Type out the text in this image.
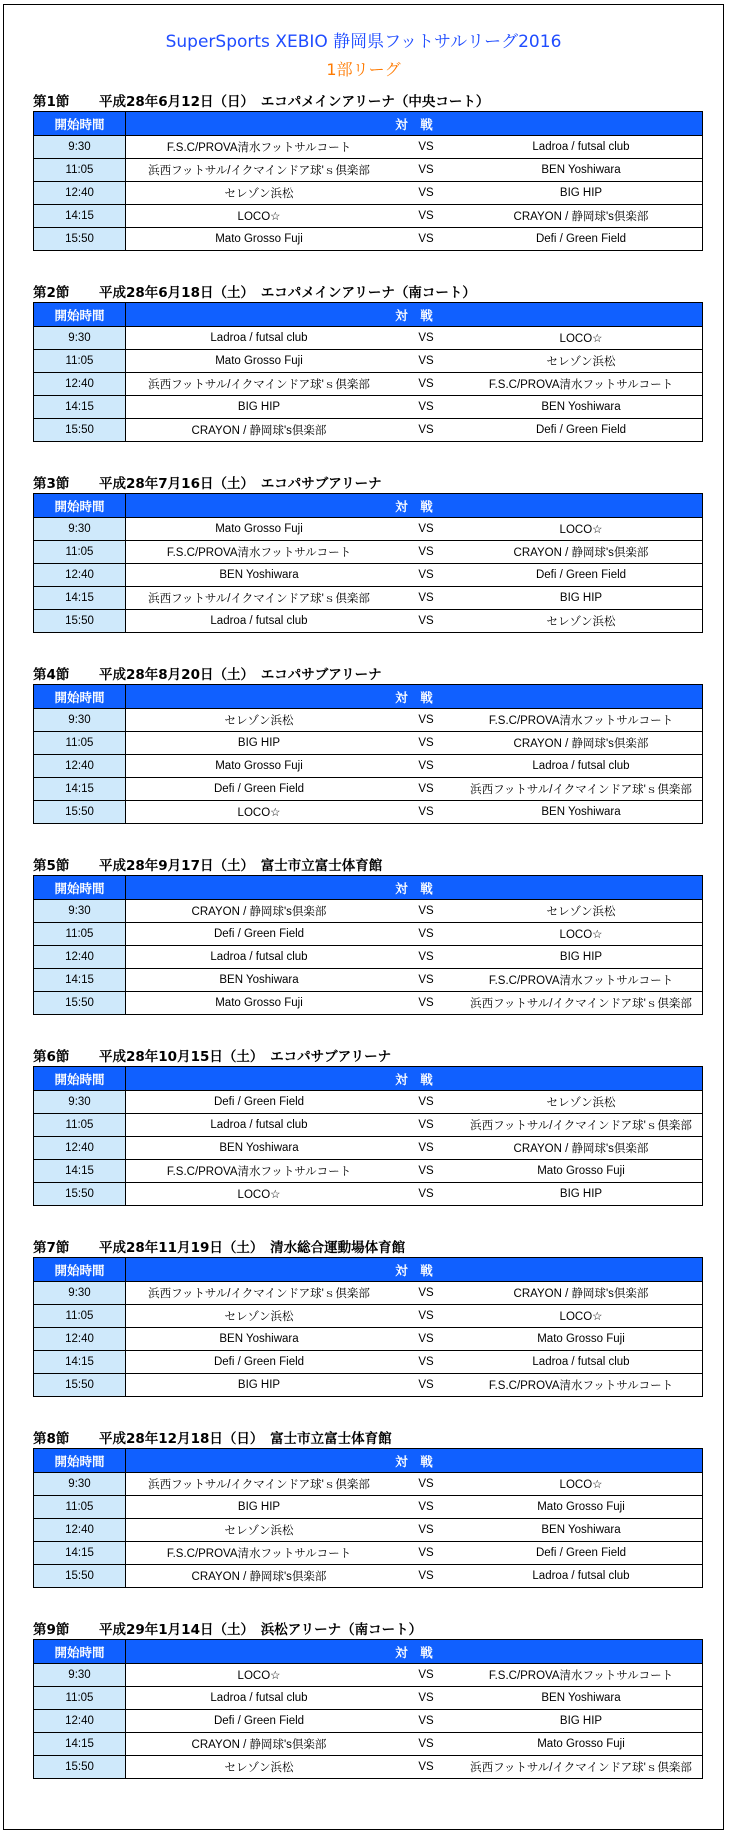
SuperSports XEBIO 静岡県フットサルリーグ2016
1部リーグ
第1節 平成28年6月12日（日）　エコパメインアリーナ（中央コート）
開始時間	対　戦
9:30	F.S.C/PROVA清水フットサルコート VS Ladroa / futsal club

11:05	浜西フットサル/イクマインドア球'ｓ倶楽部 VS BEN Yoshiwara

12:40	セレゾン浜松 VS BIG HIP

14:15	LOCO☆ VS CRAYON / 静岡球's倶楽部

15:50	Mato Grosso Fuji VS Defi / Green Field
第2節 平成28年6月18日（土）　エコパメインアリーナ（南コート）
開始時間	対　戦
9:30	Ladroa / futsal club VS LOCO☆

11:05	Mato Grosso Fuji VS セレゾン浜松

12:40	浜西フットサル/イクマインドア球'ｓ倶楽部 VS F.S.C/PROVA清水フットサルコート

14:15	BIG HIP VS BEN Yoshiwara

15:50	CRAYON / 静岡球's倶楽部 VS Defi / Green Field
第3節 平成28年7月16日（土）　エコパサブアリーナ
開始時間	対　戦
9:30	Mato Grosso Fuji VS LOCO☆

11:05	F.S.C/PROVA清水フットサルコート VS CRAYON / 静岡球's倶楽部

12:40	BEN Yoshiwara VS Defi / Green Field

14:15	浜西フットサル/イクマインドア球'ｓ倶楽部 VS BIG HIP

15:50	Ladroa / futsal club VS セレゾン浜松
第4節 平成28年8月20日（土）　エコパサブアリーナ
開始時間	対　戦
9:30	セレゾン浜松 VS F.S.C/PROVA清水フットサルコート

11:05	BIG HIP VS CRAYON / 静岡球's倶楽部

12:40	Mato Grosso Fuji VS Ladroa / futsal club

14:15	Defi / Green Field VS 浜西フットサル/イクマインドア球'ｓ倶楽部

15:50	LOCO☆ VS BEN Yoshiwara
第5節 平成28年9月17日（土）　富士市立富士体育館
開始時間	対　戦
9:30	CRAYON / 静岡球's倶楽部 VS セレゾン浜松

11:05	Defi / Green Field VS LOCO☆

12:40	Ladroa / futsal club VS BIG HIP

14:15	BEN Yoshiwara VS F.S.C/PROVA清水フットサルコート

15:50	Mato Grosso Fuji VS 浜西フットサル/イクマインドア球'ｓ倶楽部
第6節 平成28年10月15日（土）　エコパサブアリーナ
開始時間	対　戦
9:30	Defi / Green Field VS セレゾン浜松

11:05	Ladroa / futsal club VS 浜西フットサル/イクマインドア球'ｓ倶楽部

12:40	BEN Yoshiwara VS CRAYON / 静岡球's倶楽部

14:15	F.S.C/PROVA清水フットサルコート VS Mato Grosso Fuji

15:50	LOCO☆ VS BIG HIP
第7節 平成28年11月19日（土）　清水総合運動場体育館
開始時間	対　戦
9:30	浜西フットサル/イクマインドア球'ｓ倶楽部 VS CRAYON / 静岡球's倶楽部

11:05	セレゾン浜松 VS LOCO☆

12:40	BEN Yoshiwara VS Mato Grosso Fuji

14:15	Defi / Green Field VS Ladroa / futsal club

15:50	BIG HIP VS F.S.C/PROVA清水フットサルコート
第8節 平成28年12月18日（日）　富士市立富士体育館
開始時間	対　戦
9:30	浜西フットサル/イクマインドア球'ｓ倶楽部 VS LOCO☆

11:05	BIG HIP VS Mato Grosso Fuji

12:40	セレゾン浜松 VS BEN Yoshiwara

14:15	F.S.C/PROVA清水フットサルコート VS Defi / Green Field

15:50	CRAYON / 静岡球's倶楽部 VS Ladroa / futsal club
第9節 平成29年1月14日（土）　浜松アリーナ（南コート）
開始時間	対　戦
9:30	LOCO☆ VS F.S.C/PROVA清水フットサルコート

11:05	Ladroa / futsal club VS BEN Yoshiwara

12:40	Defi / Green Field VS BIG HIP

14:15	CRAYON / 静岡球's倶楽部 VS Mato Grosso Fuji

15:50	セレゾン浜松 VS 浜西フットサル/イクマインドア球'ｓ倶楽部
